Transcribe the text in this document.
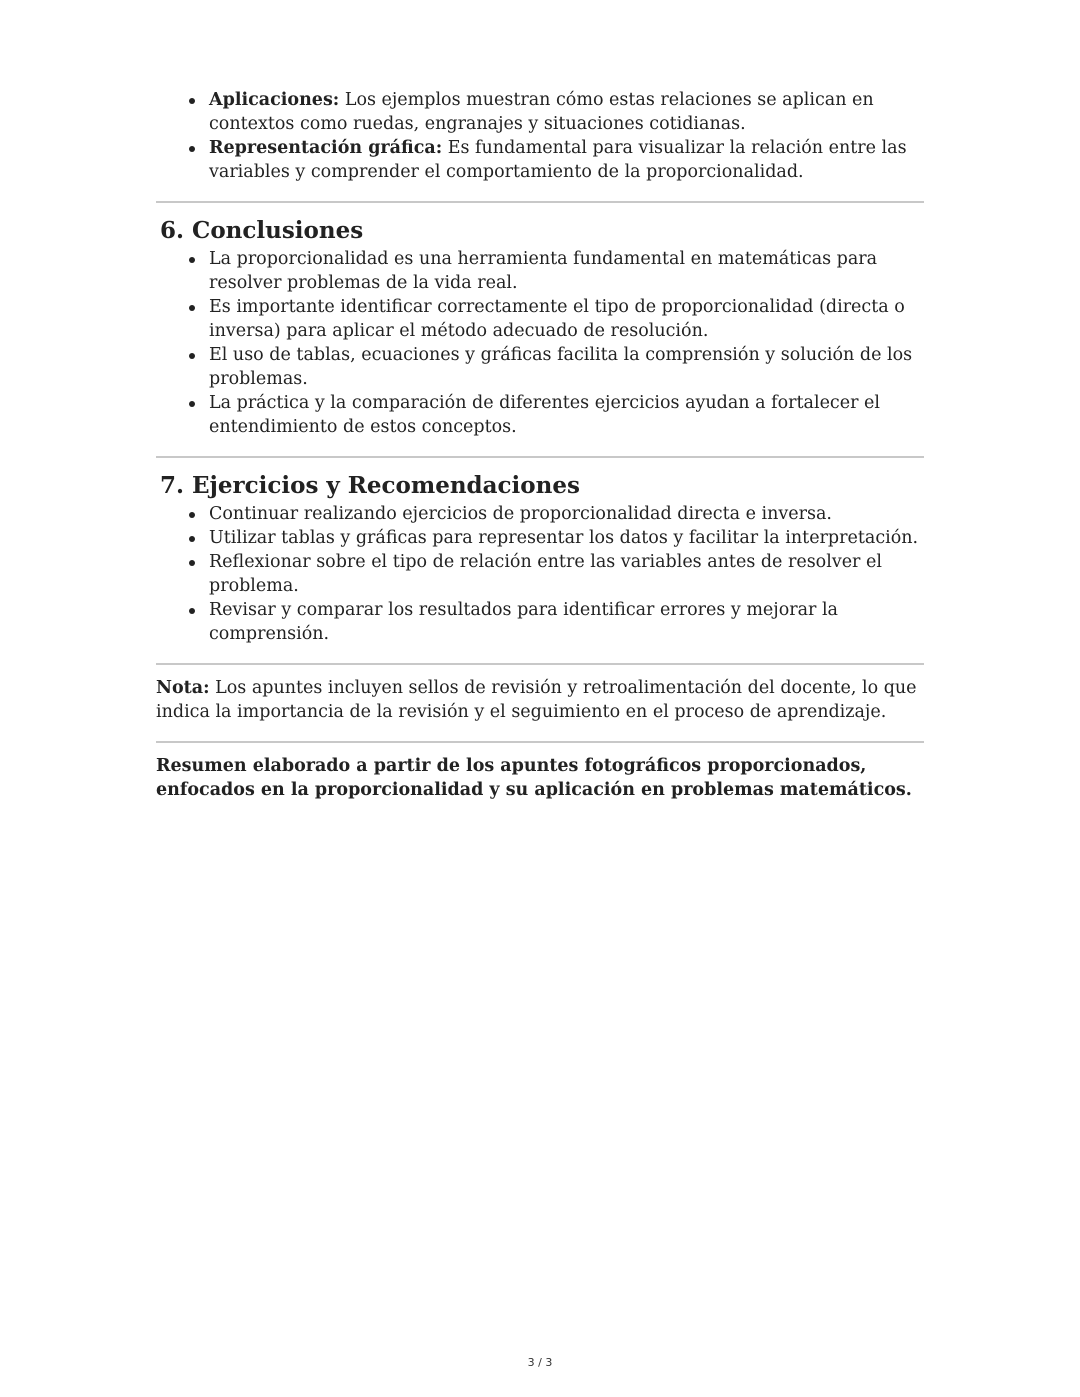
Aplicaciones: Los ejemplos muestran cómo estas relaciones se aplican en contextos como ruedas, engranajes y situaciones cotidianas.
Representación gráfica: Es fundamental para visualizar la relación entre las variables y comprender el comportamiento de la proporcionalidad.
6. Conclusiones
La proporcionalidad es una herramienta fundamental en matemáticas para resolver problemas de la vida real.
Es importante identificar correctamente el tipo de proporcionalidad (directa o inversa) para aplicar el método adecuado de resolución.
El uso de tablas, ecuaciones y gráficas facilita la comprensión y solución de los problemas.
La práctica y la comparación de diferentes ejercicios ayudan a fortalecer el entendimiento de estos conceptos.
7. Ejercicios y Recomendaciones
Continuar realizando ejercicios de proporcionalidad directa e inversa.
Utilizar tablas y gráficas para representar los datos y facilitar la interpretación.
Reflexionar sobre el tipo de relación entre las variables antes de resolver el problema.
Revisar y comparar los resultados para identificar errores y mejorar la comprensión.

Nota: Los apuntes incluyen sellos de revisión y retroalimentación del docente, lo que indica la importancia de la revisión y el seguimiento en el proceso de aprendizaje.

Resumen elaborado a partir de los apuntes fotográficos proporcionados, enfocados en la proporcionalidad y su aplicación en problemas matemáticos.

3 / 3
